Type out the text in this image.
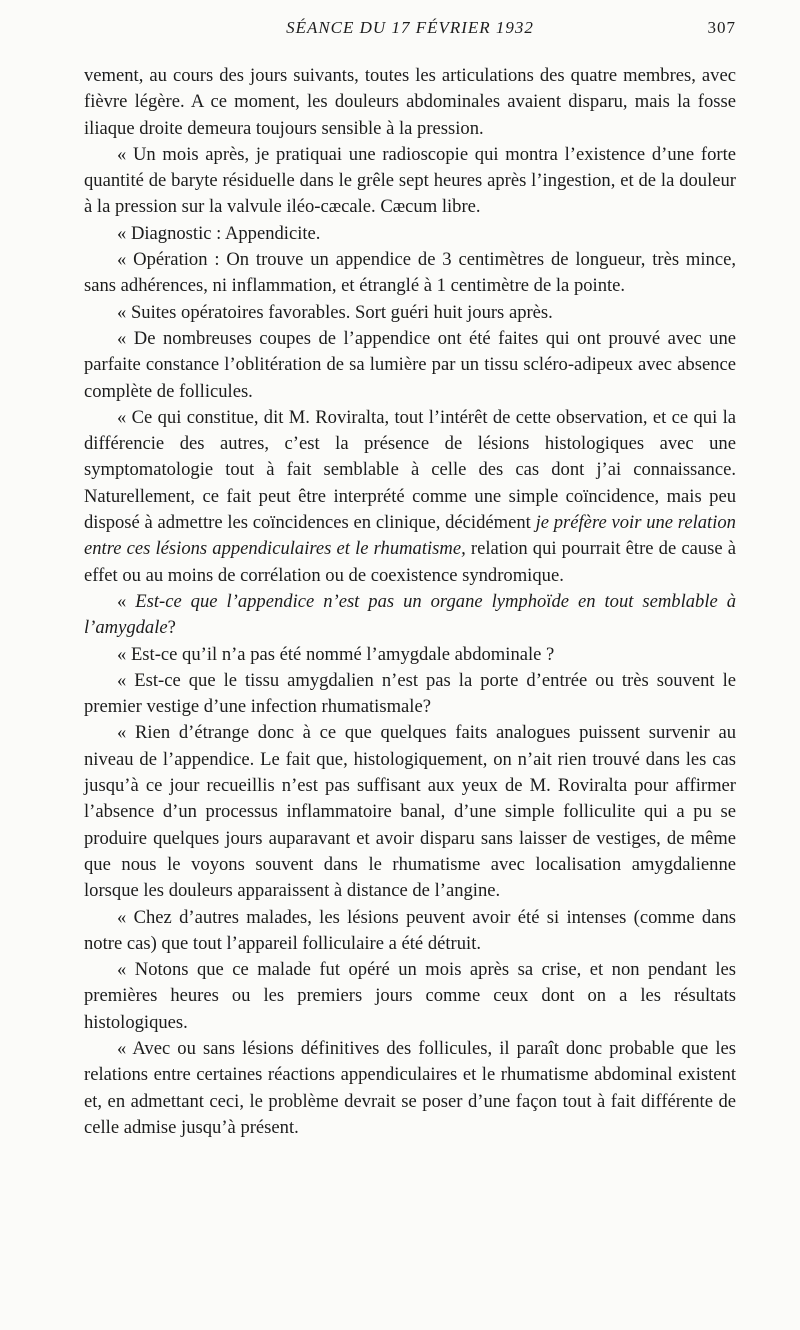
SÉANCE DU 17 FÉVRIER 1932	307

vement, au cours des jours suivants, toutes les articulations des quatre membres, avec fièvre légère. A ce moment, les douleurs abdominales avaient disparu, mais la fosse iliaque droite demeura toujours sensible à la pression.

« Un mois après, je pratiquai une radioscopie qui montra l’existence d’une forte quantité de baryte résiduelle dans le grêle sept heures après l’ingestion, et de la douleur à la pression sur la valvule iléo-cæcale. Cæcum libre.

« Diagnostic : Appendicite.

« Opération : On trouve un appendice de 3 centimètres de longueur, très mince, sans adhérences, ni inflammation, et étranglé à 1 centimètre de la pointe.

« Suites opératoires favorables. Sort guéri huit jours après.

« De nombreuses coupes de l’appendice ont été faites qui ont prouvé avec une parfaite constance l’oblitération de sa lumière par un tissu scléro-adipeux avec absence complète de follicules.

« Ce qui constitue, dit M. Roviralta, tout l’intérêt de cette observation, et ce qui la différencie des autres, c’est la présence de lésions histologiques avec une symptomatologie tout à fait semblable à celle des cas dont j’ai connaissance. Naturellement, ce fait peut être interprété comme une simple coïncidence, mais peu disposé à admettre les coïncidences en clinique, décidément je préfère voir une relation entre ces lésions appendiculaires et le rhumatisme, relation qui pourrait être de cause à effet ou au moins de corrélation ou de coexistence syndromique.

« Est-ce que l’appendice n’est pas un organe lymphoïde en tout semblable à l’amygdale?

« Est-ce qu’il n’a pas été nommé l’amygdale abdominale ?

« Est-ce que le tissu amygdalien n’est pas la porte d’entrée ou très souvent le premier vestige d’une infection rhumatismale?

« Rien d’étrange donc à ce que quelques faits analogues puissent survenir au niveau de l’appendice. Le fait que, histologiquement, on n’ait rien trouvé dans les cas jusqu’à ce jour recueillis n’est pas suffisant aux yeux de M. Roviralta pour affirmer l’absence d’un processus inflammatoire banal, d’une simple folliculite qui a pu se produire quelques jours auparavant et avoir disparu sans laisser de vestiges, de même que nous le voyons souvent dans le rhumatisme avec localisation amygdalienne lorsque les douleurs apparaissent à distance de l’angine.

« Chez d’autres malades, les lésions peuvent avoir été si intenses (comme dans notre cas) que tout l’appareil folliculaire a été détruit.

« Notons que ce malade fut opéré un mois après sa crise, et non pendant les premières heures ou les premiers jours comme ceux dont on a les résultats histologiques.

« Avec ou sans lésions définitives des follicules, il paraît donc probable que les relations entre certaines réactions appendiculaires et le rhumatisme abdominal existent et, en admettant ceci, le problème devrait se poser d’une façon tout à fait différente de celle admise jusqu’à présent.
